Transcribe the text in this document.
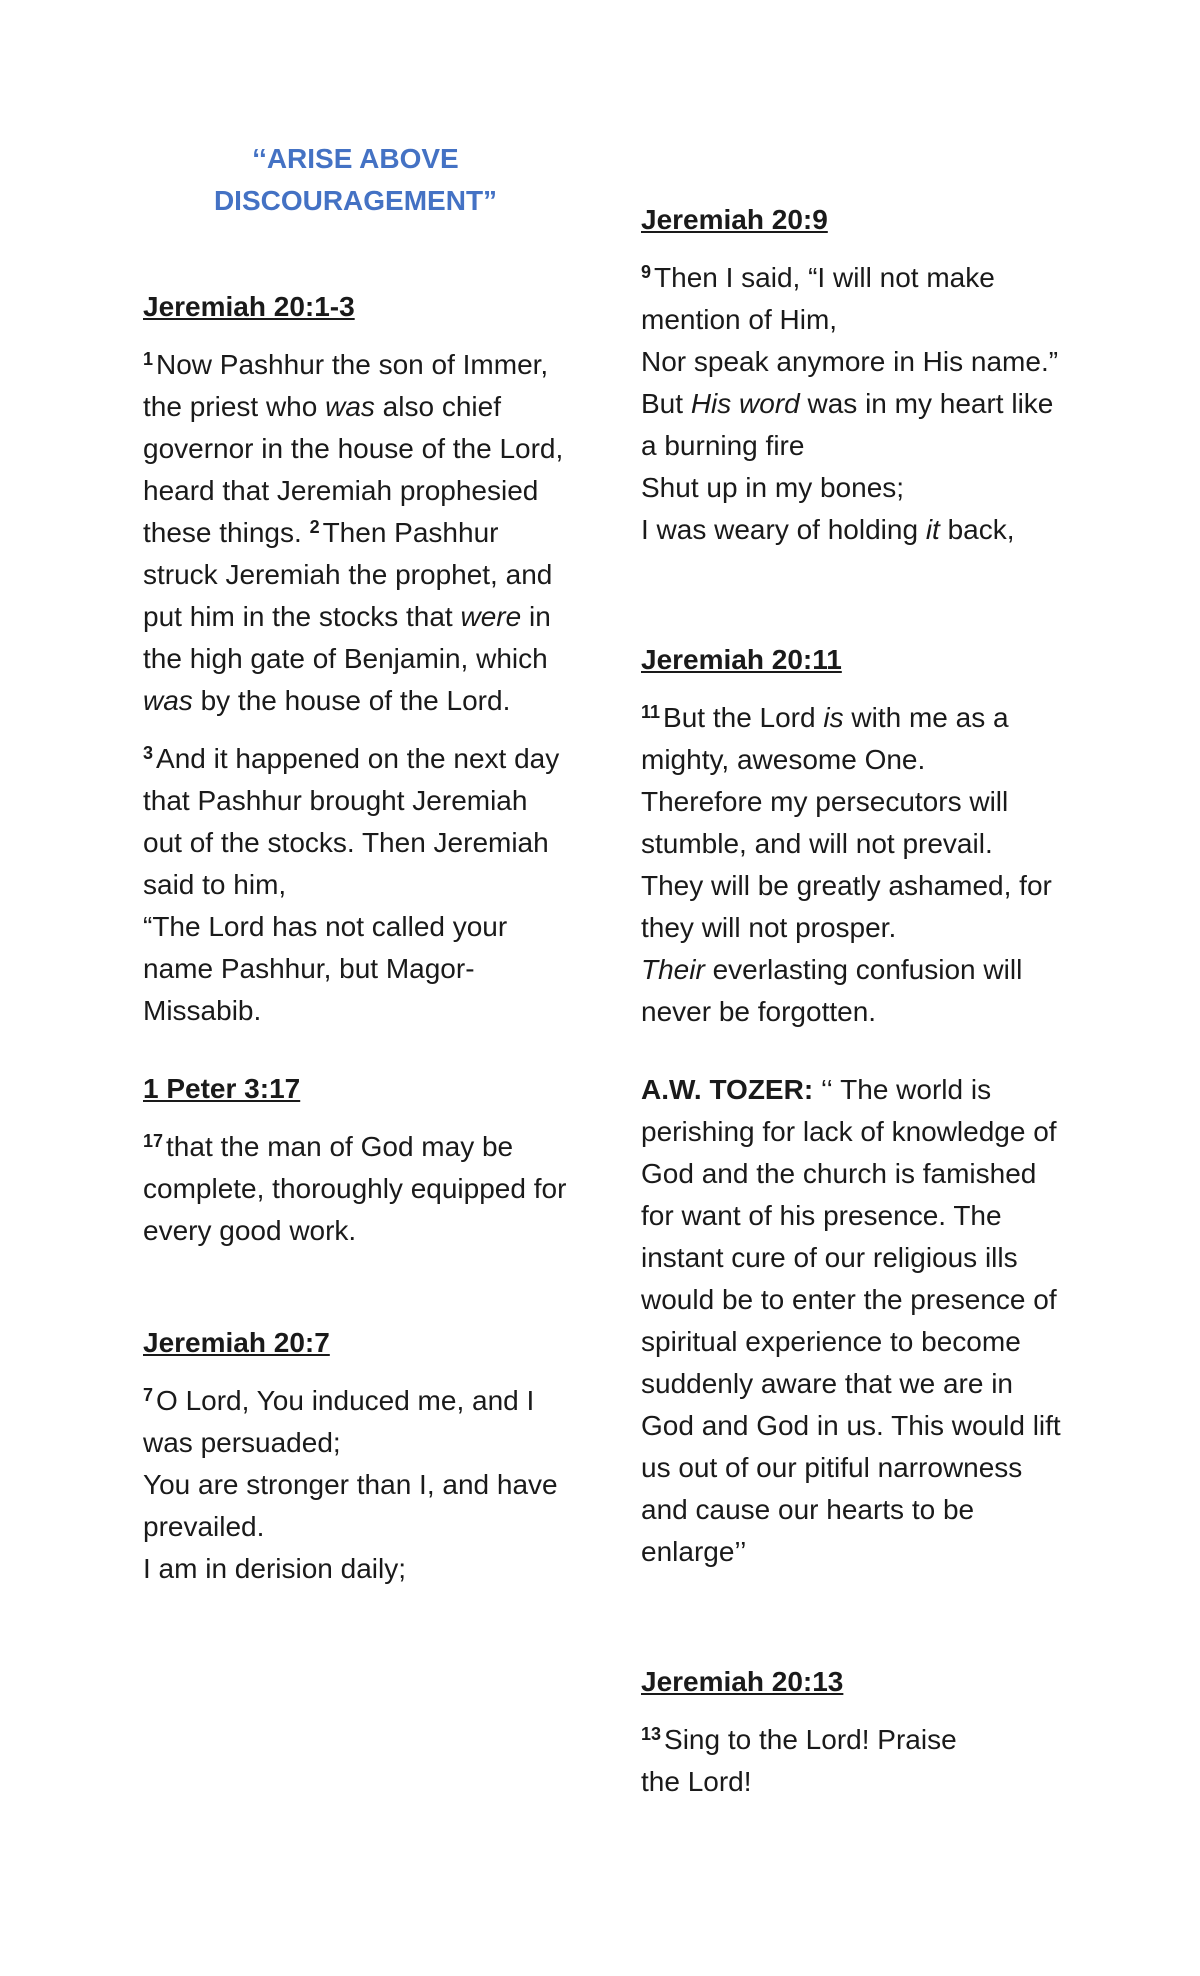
‘‘ARISE ABOVE DISCOURAGEMENT”
Jeremiah 20:1-3
$^1$ Now Pashhur the son of Immer, the priest who was also chief governor in the house of the Lord, heard that Jeremiah prophesied these things. $^2$ Then Pashhur struck Jeremiah the prophet, and put him in the stocks that were in the high gate of Benjamin, which was by the house of the Lord.
$^3$ And it happened on the next day that Pashhur brought Jeremiah out of the stocks. Then Jeremiah said to him,
“The Lord has not called your name Pashhur, but Magor-Missabib.
1 Peter 3:17
$^{17}$ that the man of God may be complete, thoroughly equipped for every good work.
Jeremiah 20:7
$^7$ O Lord, You induced me, and I was persuaded;
You are stronger than I, and have prevailed.
I am in derision daily;
Jeremiah 20:9
$^9$ Then I said, “I will not make mention of Him,
Nor speak anymore in His name.”
But His word was in my heart like a burning fire
Shut up in my bones;
I was weary of holding it back,
Jeremiah 20:11
$^{11}$ But the Lord is with me as a mighty, awesome One.
Therefore my persecutors will stumble, and will not prevail.
They will be greatly ashamed, for they will not prosper.
Their everlasting confusion will never be forgotten.
A.W. TOZER: ‘‘ The world is perishing for lack of knowledge of God and the church is famished for want of his presence. The instant cure of our religious ills would be to enter the presence of spiritual experience to become suddenly aware that we are in God and God in us. This would lift us out of our pitiful narrowness and cause our hearts to be enlarge’’
Jeremiah 20:13
$^{13}$ Sing to the Lord! Praise the Lord!
